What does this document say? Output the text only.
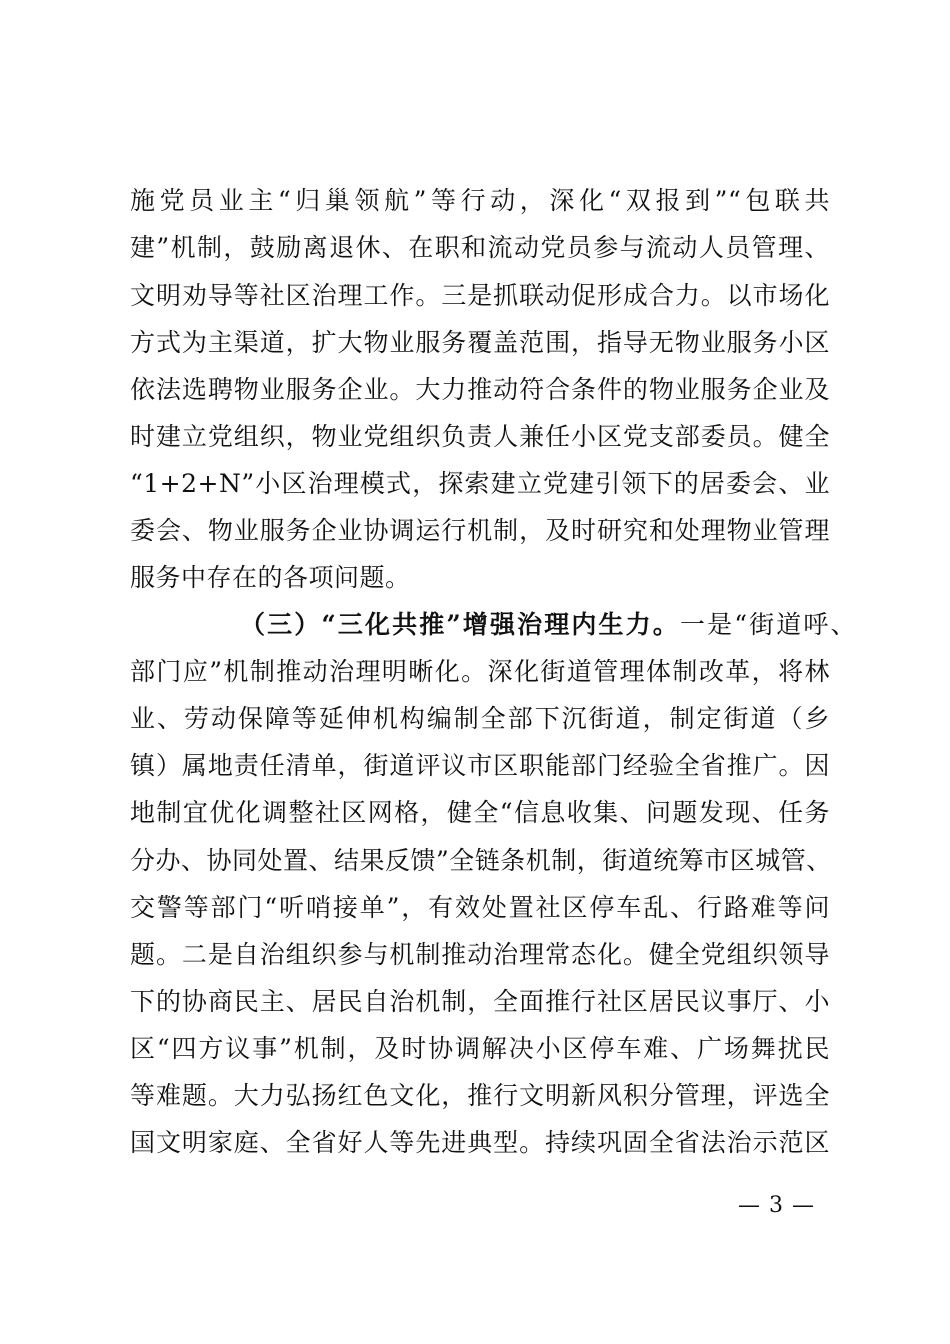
施党员业主“归巢领航”等行动，深化“双报到”“包联共
建”机制，鼓励离退休、在职和流动党员参与流动人员管理、
文明劝导等社区治理工作。三是抓联动促形成合力。以市场化
方式为主渠道，扩大物业服务覆盖范围，指导无物业服务小区
依法选聘物业服务企业。大力推动符合条件的物业服务企业及
时建立党组织，物业党组织负责人兼任小区党支部委员。健全
“1+2+N”小区治理模式，探索建立党建引领下的居委会、业
委会、物业服务企业协调运行机制，及时研究和处理物业管理
服务中存在的各项问题。
（三）“三化共推”增强治理内生力。一是“街道呼、
部门应”机制推动治理明晰化。深化街道管理体制改革，将林
业、劳动保障等延伸机构编制全部下沉街道，制定街道（乡
镇）属地责任清单，街道评议市区职能部门经验全省推广。因
地制宜优化调整社区网格，健全“信息收集、问题发现、任务
分办、协同处置、结果反馈”全链条机制，街道统筹市区城管、
交警等部门“听哨接单”，有效处置社区停车乱、行路难等问
题。二是自治组织参与机制推动治理常态化。健全党组织领导
下的协商民主、居民自治机制，全面推行社区居民议事厅、小
区“四方议事”机制，及时协调解决小区停车难、广场舞扰民
等难题。大力弘扬红色文化，推行文明新风积分管理，评选全
国文明家庭、全省好人等先进典型。持续巩固全省法治示范区
— 3 —
